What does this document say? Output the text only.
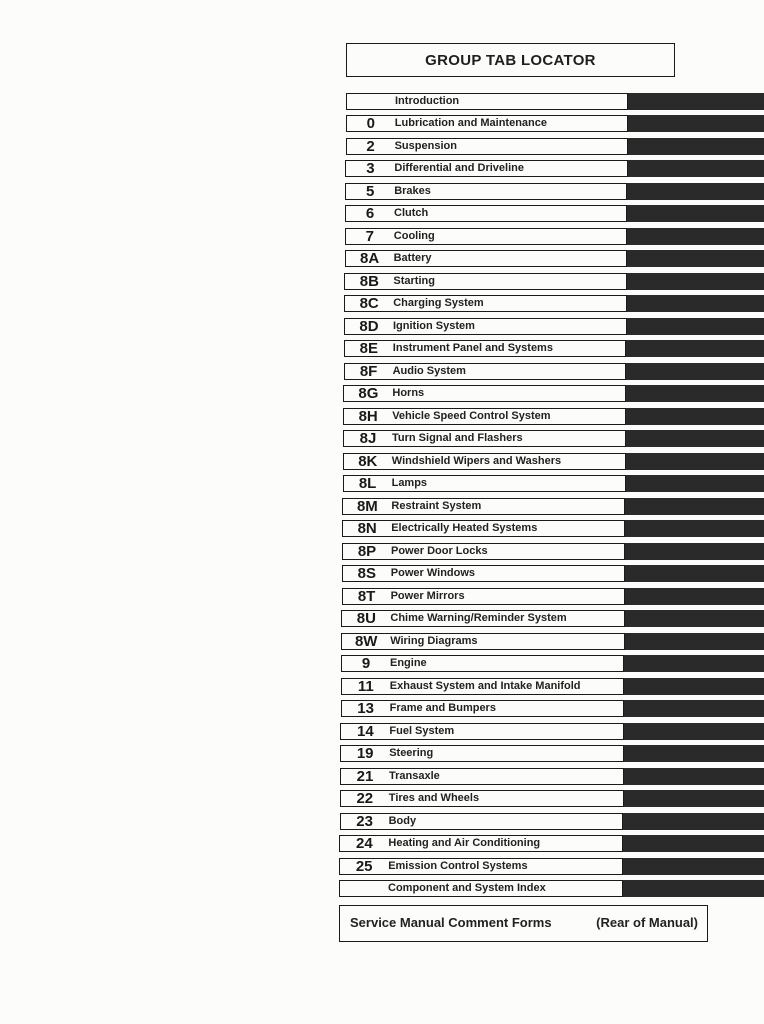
GROUP TAB LOCATOR
Introduction
0	Lubrication and Maintenance
2	Suspension
3	Differential and Driveline
5	Brakes
6	Clutch
7	Cooling
8A	Battery
8B	Starting
8C	Charging System
8D	Ignition System
8E	Instrument Panel and Systems
8F	Audio System
8G	Horns
8H	Vehicle Speed Control System
8J	Turn Signal and Flashers
8K	Windshield Wipers and Washers
8L	Lamps
8M	Restraint System
8N	Electrically Heated Systems
8P	Power Door Locks
8S	Power Windows
8T	Power Mirrors
8U	Chime Warning/Reminder System
8W	Wiring Diagrams
9	Engine
11	Exhaust System and Intake Manifold
13	Frame and Bumpers
14	Fuel System
19	Steering
21	Transaxle
22	Tires and Wheels
23	Body
24	Heating and Air Conditioning
25	Emission Control Systems
Component and System Index
Service Manual Comment Forms	(Rear of Manual)
